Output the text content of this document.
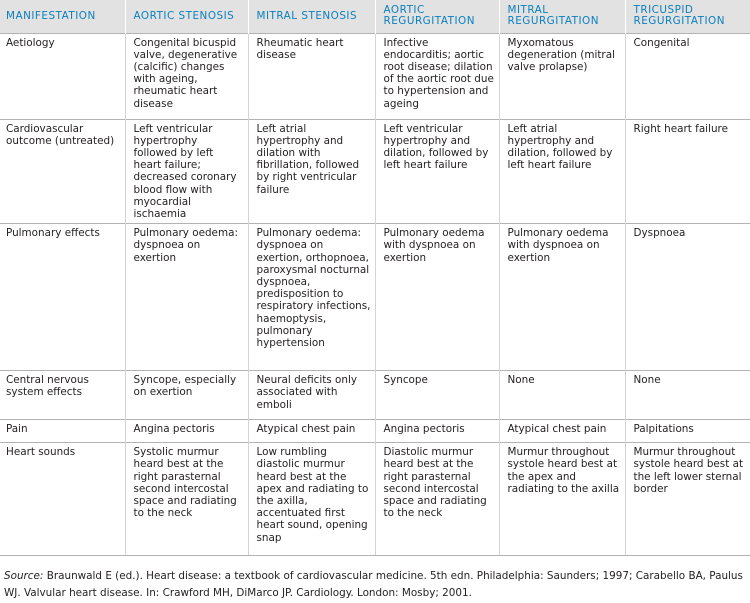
MANIFESTATION	AORTIC STENOSIS	MITRAL STENOSIS	AORTIC REGURGITATION	MITRAL REGURGITATION	TRICUSPID REGURGITATION
Aetiology	Congenital bicuspid valve, degenerative (calcific) changes with ageing, rheumatic heart disease	Rheumatic heart disease	Infective endocarditis; aortic root disease; dilation of the aortic root due to hypertension and ageing	Myxomatous degeneration (mitral valve prolapse)	Congenital
Cardiovascular outcome (untreated)	Left ventricular hypertrophy followed by left heart failure; decreased coronary blood flow with myocardial ischaemia	Left atrial hypertrophy and dilation with fibrillation, followed by right ventricular failure	Left ventricular hypertrophy and dilation, followed by left heart failure	Left atrial hypertrophy and dilation, followed by left heart failure	Right heart failure
Pulmonary effects	Pulmonary oedema: dyspnoea on exertion	Pulmonary oedema: dyspnoea on exertion, orthopnoea, paroxysmal nocturnal dyspnoea, predisposition to respiratory infections, haemoptysis, pulmonary hypertension	Pulmonary oedema with dyspnoea on exertion	Pulmonary oedema with dyspnoea on exertion	Dyspnoea
Central nervous system effects	Syncope, especially on exertion	Neural deficits only associated with emboli	Syncope	None	None
Pain	Angina pectoris	Atypical chest pain	Angina pectoris	Atypical chest pain	Palpitations
Heart sounds	Systolic murmur heard best at the right parasternal second intercostal space and radiating to the neck	Low rumbling diastolic murmur heard best at the apex and radiating to the axilla, accentuated first heart sound, opening snap	Diastolic murmur heard best at the right parasternal second intercostal space and radiating to the neck	Murmur throughout systole heard best at the apex and radiating to the axilla	Murmur throughout systole heard best at the left lower sternal border
Source: Braunwald E (ed.). Heart disease: a textbook of cardiovascular medicine. 5th edn. Philadelphia: Saunders; 1997; Carabello BA, Paulus WJ. Valvular heart disease. In: Crawford MH, DiMarco JP. Cardiology. London: Mosby; 2001.
